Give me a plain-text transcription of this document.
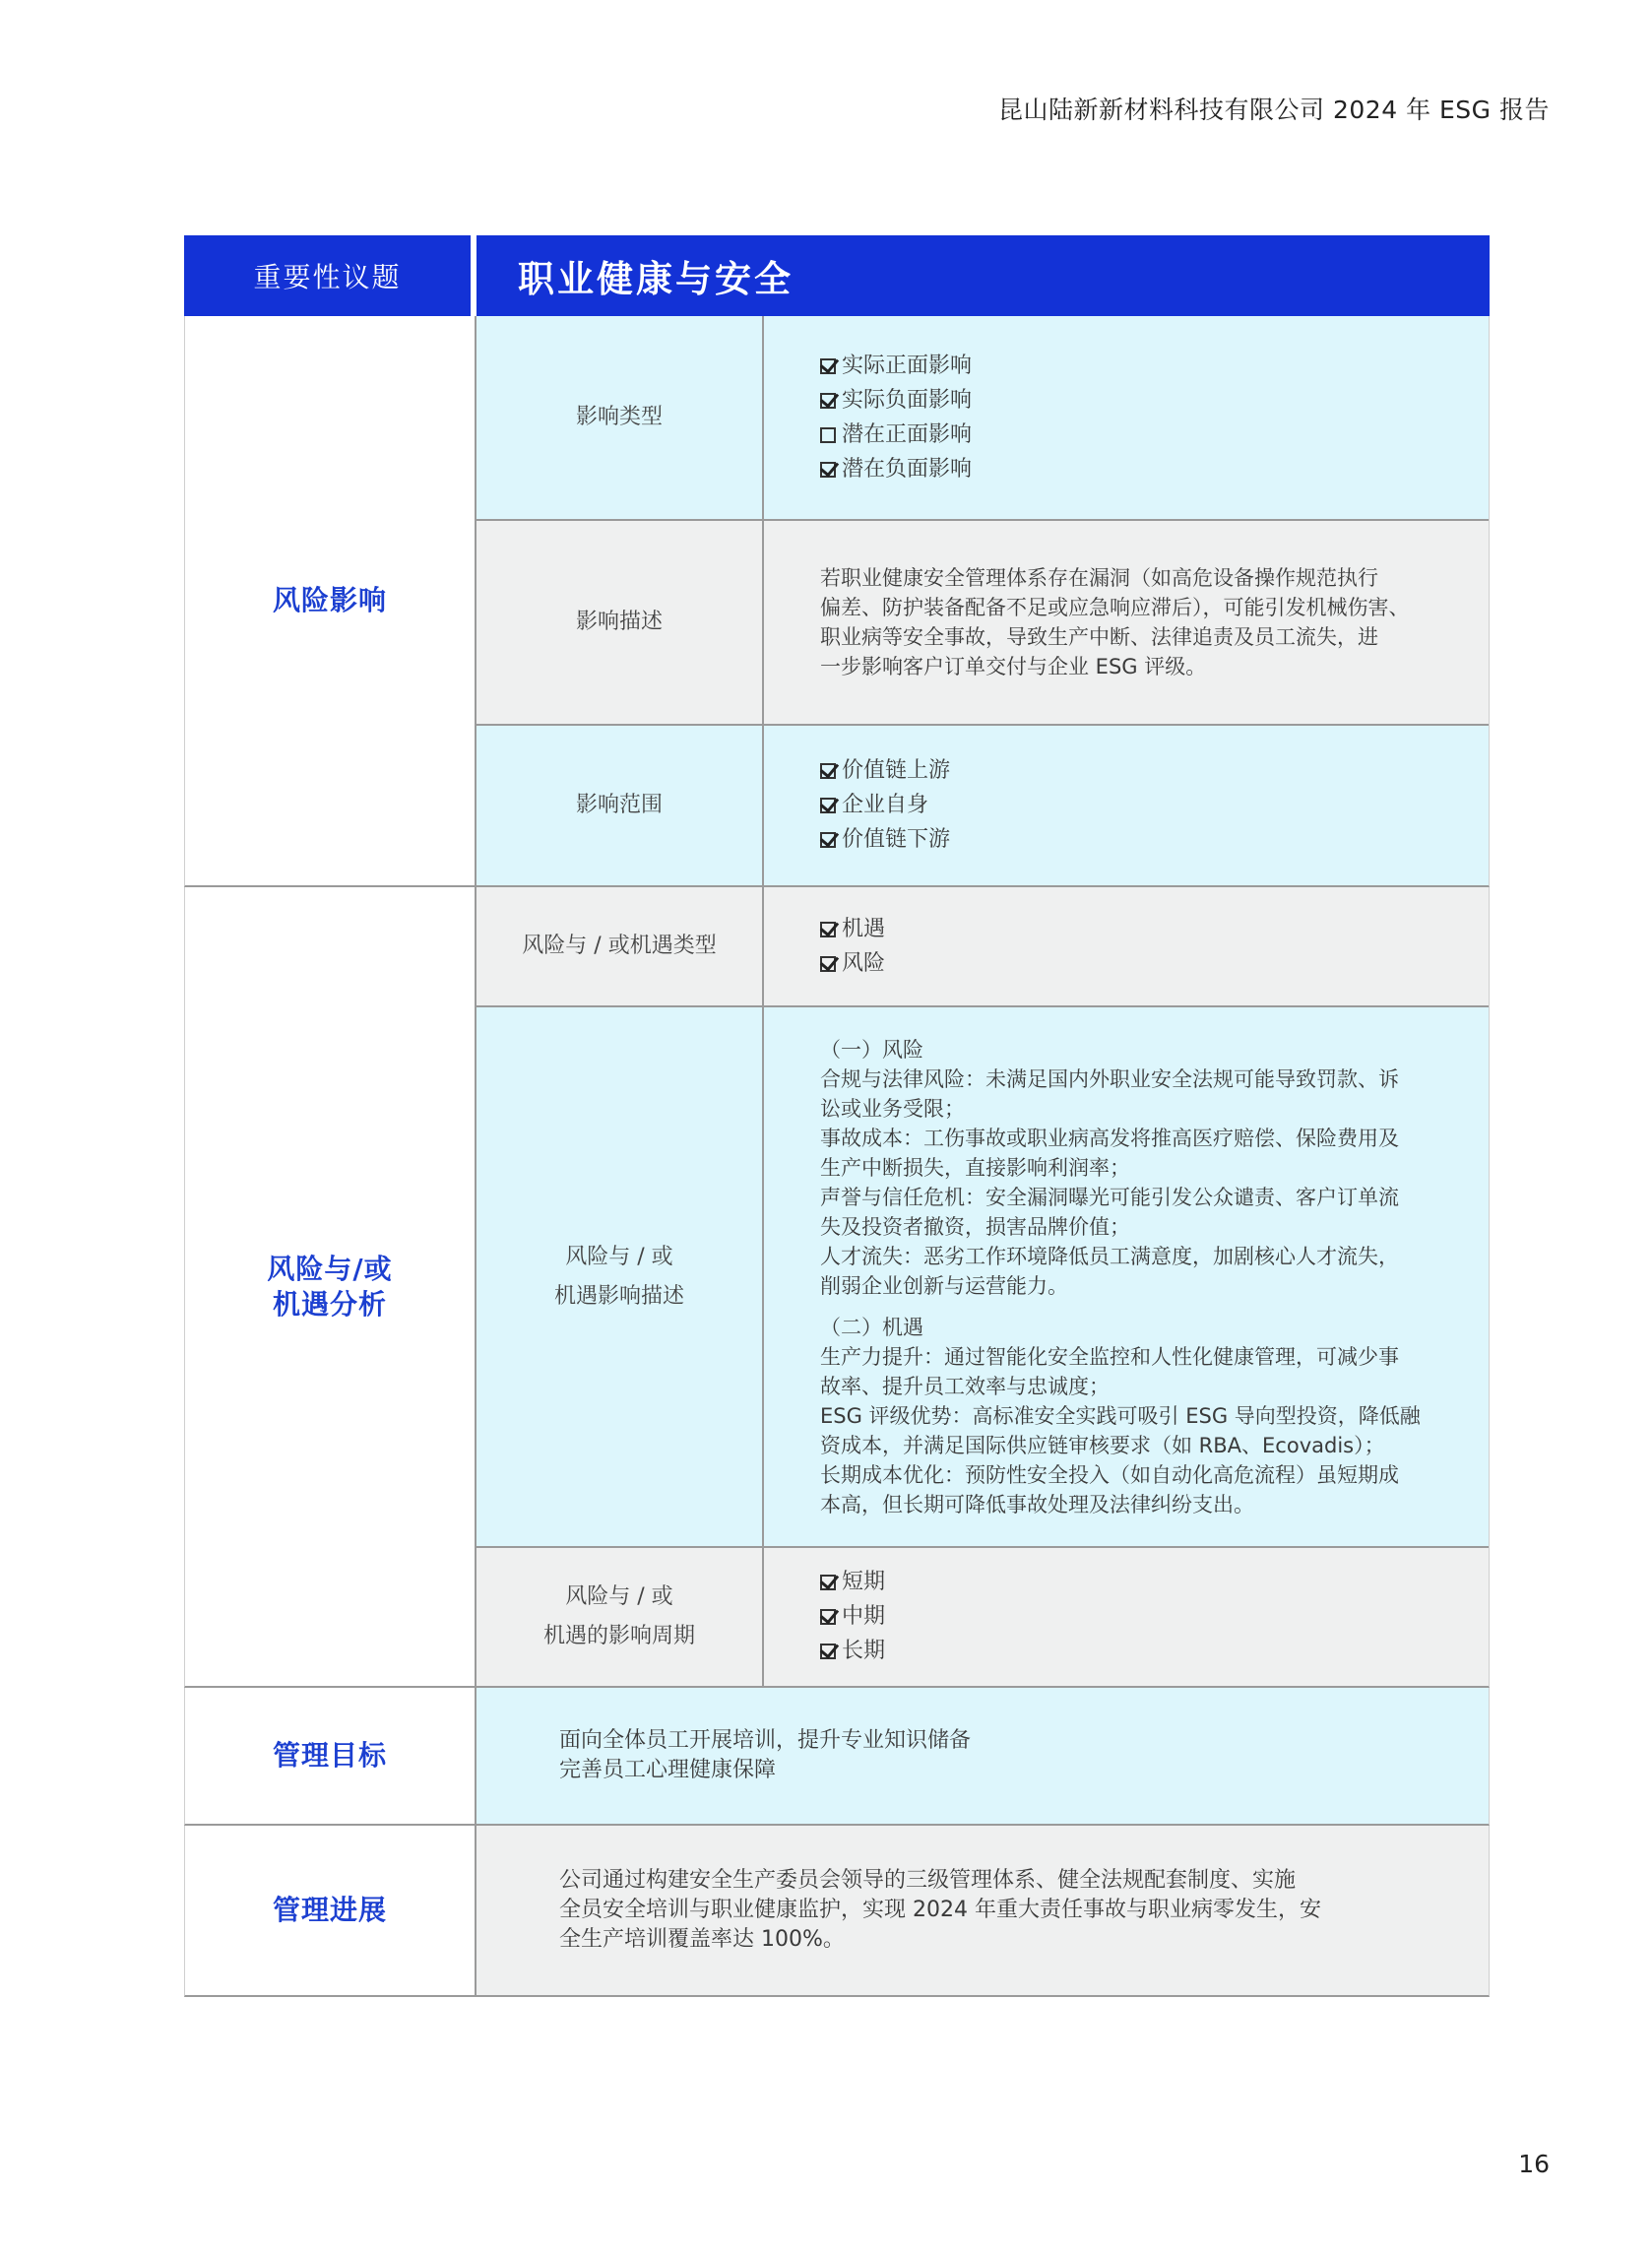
昆山陆新新材料科技有限公司 2024 年 ESG 报告
重要性议题	职业健康与安全
风险影响
影响类型
实际正面影响
实际负面影响
潜在正面影响
潜在负面影响
影响描述

若职业健康安全管理体系存在漏洞（如高危设备操作规范执行

偏差、防护装备配备不足或应急响应滞后），可能引发机械伤害、

职业病等安全事故，导致生产中断、法律追责及员工流失，进

一步影响客户订单交付与企业 ESG 评级。

影响范围
价值链上游
企业自身
价值链下游
风险与/或
机遇分析
风险与 / 或机遇类型
机遇
风险
风险与 / 或
机遇影响描述

（一）风险

合规与法律风险：未满足国内外职业安全法规可能导致罚款、诉

讼或业务受限；

事故成本：工伤事故或职业病高发将推高医疗赔偿、保险费用及

生产中断损失，直接影响利润率；

声誉与信任危机：安全漏洞曝光可能引发公众谴责、客户订单流

失及投资者撤资，损害品牌价值；

人才流失：恶劣工作环境降低员工满意度，加剧核心人才流失，

削弱企业创新与运营能力。

（二）机遇

生产力提升：通过智能化安全监控和人性化健康管理，可减少事

故率、提升员工效率与忠诚度；

ESG 评级优势：高标准安全实践可吸引 ESG 导向型投资，降低融

资成本，并满足国际供应链审核要求（如 RBA、Ecovadis）；

长期成本优化：预防性安全投入（如自动化高危流程）虽短期成

本高，但长期可降低事故处理及法律纠纷支出。

风险与 / 或
机遇的影响周期
短期
中期
长期
管理目标	面向全体员工开展培训，提升专业知识储备

完善员工心理健康保障

管理进展

公司通过构建安全生产委员会领导的三级管理体系、健全法规配套制度、实施

全员安全培训与职业健康监护，实现 2024 年重大责任事故与职业病零发生，安

全生产培训覆盖率达 100%。

16
